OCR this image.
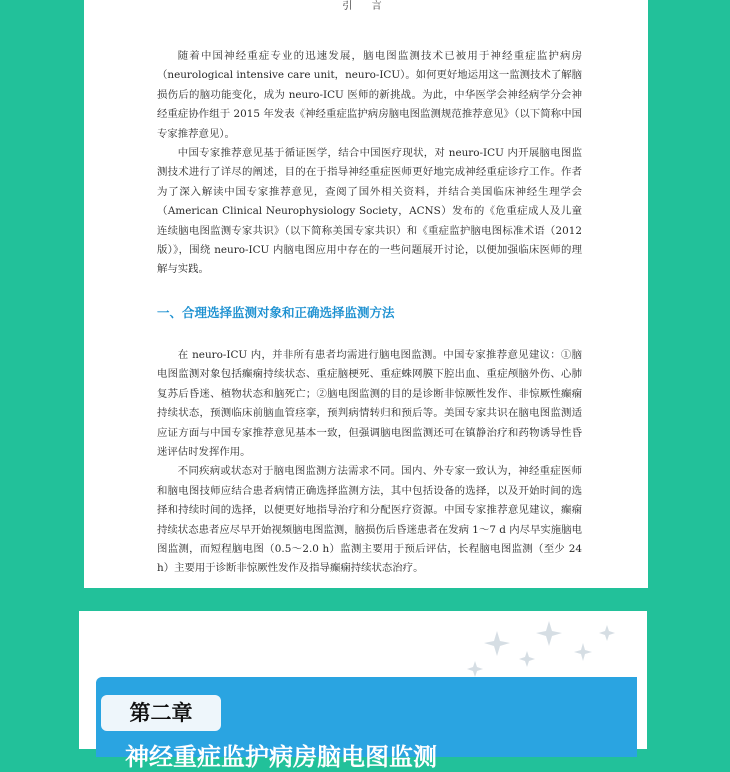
引 言

随着中国神经重症专业的迅速发展，脑电图监测技术已被用于神经重症监护病房（neurological intensive care unit，neuro-ICU）。如何更好地运用这一监测技术了解脑损伤后的脑功能变化，成为 neuro-ICU 医师的新挑战。为此，中华医学会神经病学分会神经重症协作组于 2015 年发表《神经重症监护病房脑电图监测规范推荐意见》（以下简称中国专家推荐意见）。

中国专家推荐意见基于循证医学，结合中国医疗现状，对 neuro-ICU 内开展脑电图监测技术进行了详尽的阐述，目的在于指导神经重症医师更好地完成神经重症诊疗工作。作者为了深入解读中国专家推荐意见，查阅了国外相关资料，并结合美国临床神经生理学会（American Clinical Neurophysiology Society，ACNS）发布的《危重症成人及儿童连续脑电图监测专家共识》（以下简称美国专家共识）和《重症监护脑电图标准术语（2012 版）》，围绕 neuro-ICU 内脑电图应用中存在的一些问题展开讨论，以便加强临床医师的理解与实践。

一、合理选择监测对象和正确选择监测方法

在 neuro-ICU 内，并非所有患者均需进行脑电图监测。中国专家推荐意见建议：①脑电图监测对象包括癫痫持续状态、重症脑梗死、重症蛛网膜下腔出血、重症颅脑外伤、心肺复苏后昏迷、植物状态和脑死亡；②脑电图监测的目的是诊断非惊厥性发作、非惊厥性癫痫持续状态，预测临床前脑血管痉挛，预判病情转归和预后等。美国专家共识在脑电图监测适应证方面与中国专家推荐意见基本一致，但强调脑电图监测还可在镇静治疗和药物诱导性昏迷评估时发挥作用。

不同疾病或状态对于脑电图监测方法需求不同。国内、外专家一致认为，神经重症医师和脑电图技师应结合患者病情正确选择监测方法，其中包括设备的选择，以及开始时间的选择和持续时间的选择，以便更好地指导治疗和分配医疗资源。中国专家推荐意见建议，癫痫持续状态患者应尽早开始视频脑电图监测，脑损伤后昏迷患者在发病 1～7 d 内尽早实施脑电图监测，而短程脑电图（0.5～2.0 h）监测主要用于预后评估，长程脑电图监测（至少 24 h）主要用于诊断非惊厥性发作及指导癫痫持续状态治疗。

第二章
神经重症监护病房脑电图监测
